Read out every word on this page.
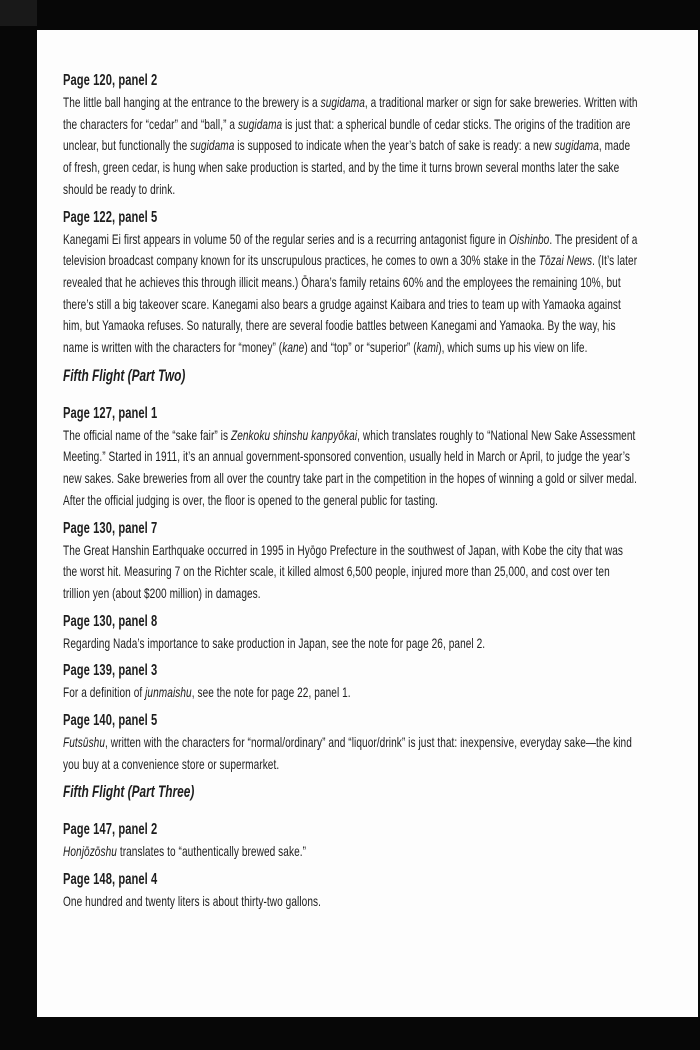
Page 120, panel 2

The little ball hanging at the entrance to the brewery is a sugidama, a traditional marker or sign for sake breweries. Written with the characters for “cedar” and “ball,” a sugidama is just that: a spherical bundle of cedar sticks. The origins of the tradition are unclear, but functionally the sugidama is supposed to indicate when the year’s batch of sake is ready: a new sugidama, made of fresh, green cedar, is hung when sake production is started, and by the time it turns brown several months later the sake should be ready to drink.

Page 122, panel 5

Kanegami Ei first appears in volume 50 of the regular series and is a recurring antagonist figure in Oishinbo. The president of a television broadcast company known for its unscrupulous practices, he comes to own a 30% stake in the Tōzai News. (It’s later revealed that he achieves this through illicit means.) Ōhara’s family retains 60% and the employees the remaining 10%, but there’s still a big takeover scare. Kanegami also bears a grudge against Kaibara and tries to team up with Yamaoka against him, but Yamaoka refuses. So naturally, there are several foodie battles between Kanegami and Yamaoka. By the way, his name is written with the characters for “money” (kane) and “top” or “superior” (kami), which sums up his view on life.

Fifth Flight (Part Two)
Page 127, panel 1

The official name of the “sake fair” is Zenkoku shinshu kanpyōkai, which translates roughly to “National New Sake Assessment Meeting.” Started in 1911, it’s an annual government-sponsored convention, usually held in March or April, to judge the year’s new sakes. Sake breweries from all over the country take part in the competition in the hopes of winning a gold or silver medal. After the official judging is over, the floor is opened to the general public for tasting.

Page 130, panel 7

The Great Hanshin Earthquake occurred in 1995 in Hyōgo Prefecture in the southwest of Japan, with Kobe the city that was the worst hit. Measuring 7 on the Richter scale, it killed almost 6,500 people, injured more than 25,000, and cost over ten trillion yen (about $200 million) in damages.

Page 130, panel 8

Regarding Nada’s importance to sake production in Japan, see the note for page 26, panel 2.

Page 139, panel 3

For a definition of junmaishu, see the note for page 22, panel 1.

Page 140, panel 5

Futsūshu, written with the characters for “normal/ordinary” and “liquor/drink” is just that: inexpensive, everyday sake—the kind you buy at a convenience store or supermarket.

Fifth Flight (Part Three)
Page 147, panel 2

Honjōzōshu translates to “authentically brewed sake.”

Page 148, panel 4

One hundred and twenty liters is about thirty-two gallons.
